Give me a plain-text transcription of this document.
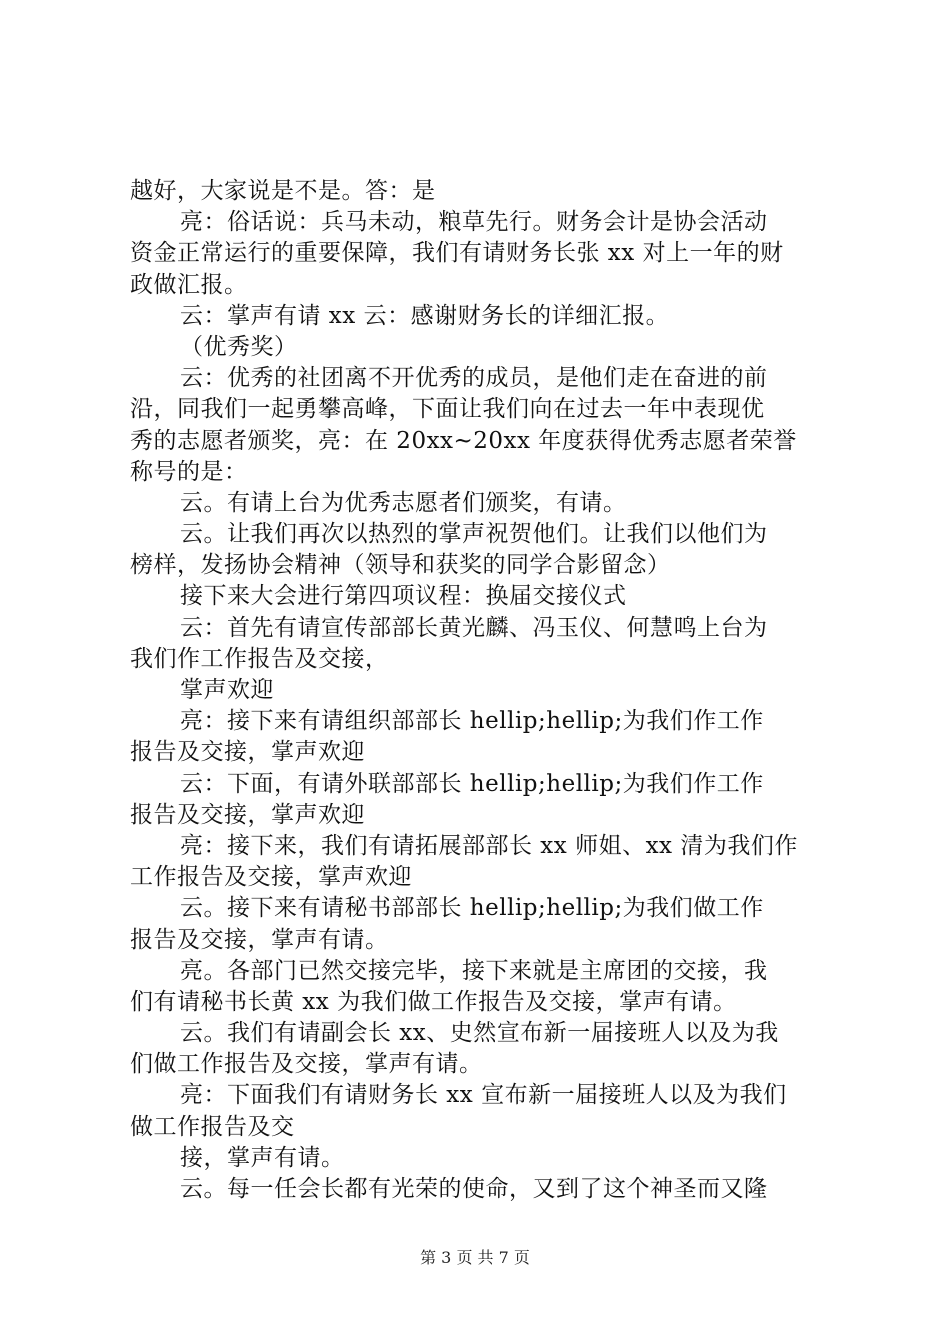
越好，大家说是不是。答：是
亮：俗话说：兵马未动，粮草先行。财务会计是协会活动
资金正常运行的重要保障，我们有请财务长张 xx 对上一年的财
政做汇报。
云：掌声有请 xx 云：感谢财务长的详细汇报。
（优秀奖）
云：优秀的社团离不开优秀的成员，是他们走在奋进的前
沿，同我们一起勇攀高峰，下面让我们向在过去一年中表现优
秀的志愿者颁奖，亮：在 20xx~20xx 年度获得优秀志愿者荣誉
称号的是：
云。有请上台为优秀志愿者们颁奖，有请。
云。让我们再次以热烈的掌声祝贺他们。让我们以他们为
榜样，发扬协会精神（领导和获奖的同学合影留念）
接下来大会进行第四项议程：换届交接仪式
云：首先有请宣传部部长黄光麟、冯玉仪、何慧鸣上台为
我们作工作报告及交接，
掌声欢迎
亮：接下来有请组织部部长 hellip;hellip;为我们作工作
报告及交接，掌声欢迎
云：下面，有请外联部部长 hellip;hellip;为我们作工作
报告及交接，掌声欢迎
亮：接下来，我们有请拓展部部长 xx 师姐、xx 清为我们作
工作报告及交接，掌声欢迎
云。接下来有请秘书部部长 hellip;hellip;为我们做工作
报告及交接，掌声有请。
亮。各部门已然交接完毕，接下来就是主席团的交接，我
们有请秘书长黄 xx 为我们做工作报告及交接，掌声有请。
云。我们有请副会长 xx、史然宣布新一届接班人以及为我
们做工作报告及交接，掌声有请。
亮：下面我们有请财务长 xx 宣布新一届接班人以及为我们
做工作报告及交
接，掌声有请。
云。每一任会长都有光荣的使命，又到了这个神圣而又隆
第 3 页 共 7 页
